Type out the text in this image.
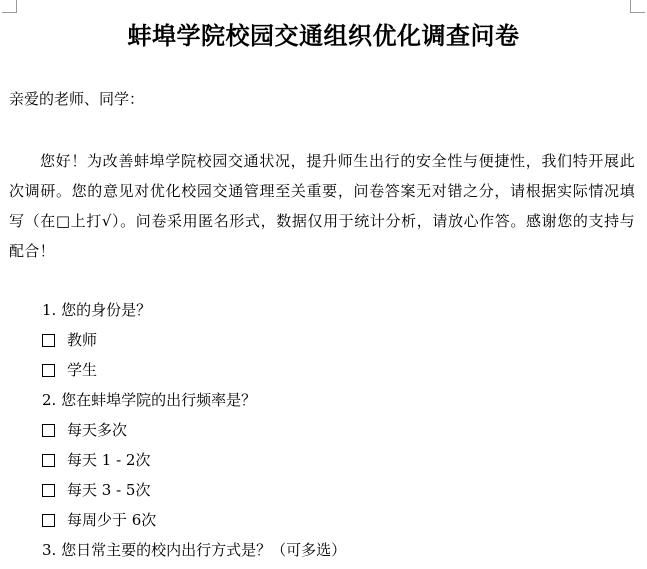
蚌埠学院校园交通组织优化调查问卷
亲爱的老师、同学：
您好！为改善蚌埠学院校园交通状况，提升师生出行的安全性与便捷性，我们特开展此次调研。您的意见对优化校园交通管理至关重要，问卷答案无对错之分，请根据实际情况填写（在□上打√）。问卷采用匿名形式，数据仅用于统计分析，请放心作答。感谢您的支持与配合！
1. 您的身份是？
教师
学生
2. 您在蚌埠学院的出行频率是？
每天多次
每天 1 - 2次
每天 3 - 5次
每周少于 6次
3. 您日常主要的校内出行方式是？（可多选）
